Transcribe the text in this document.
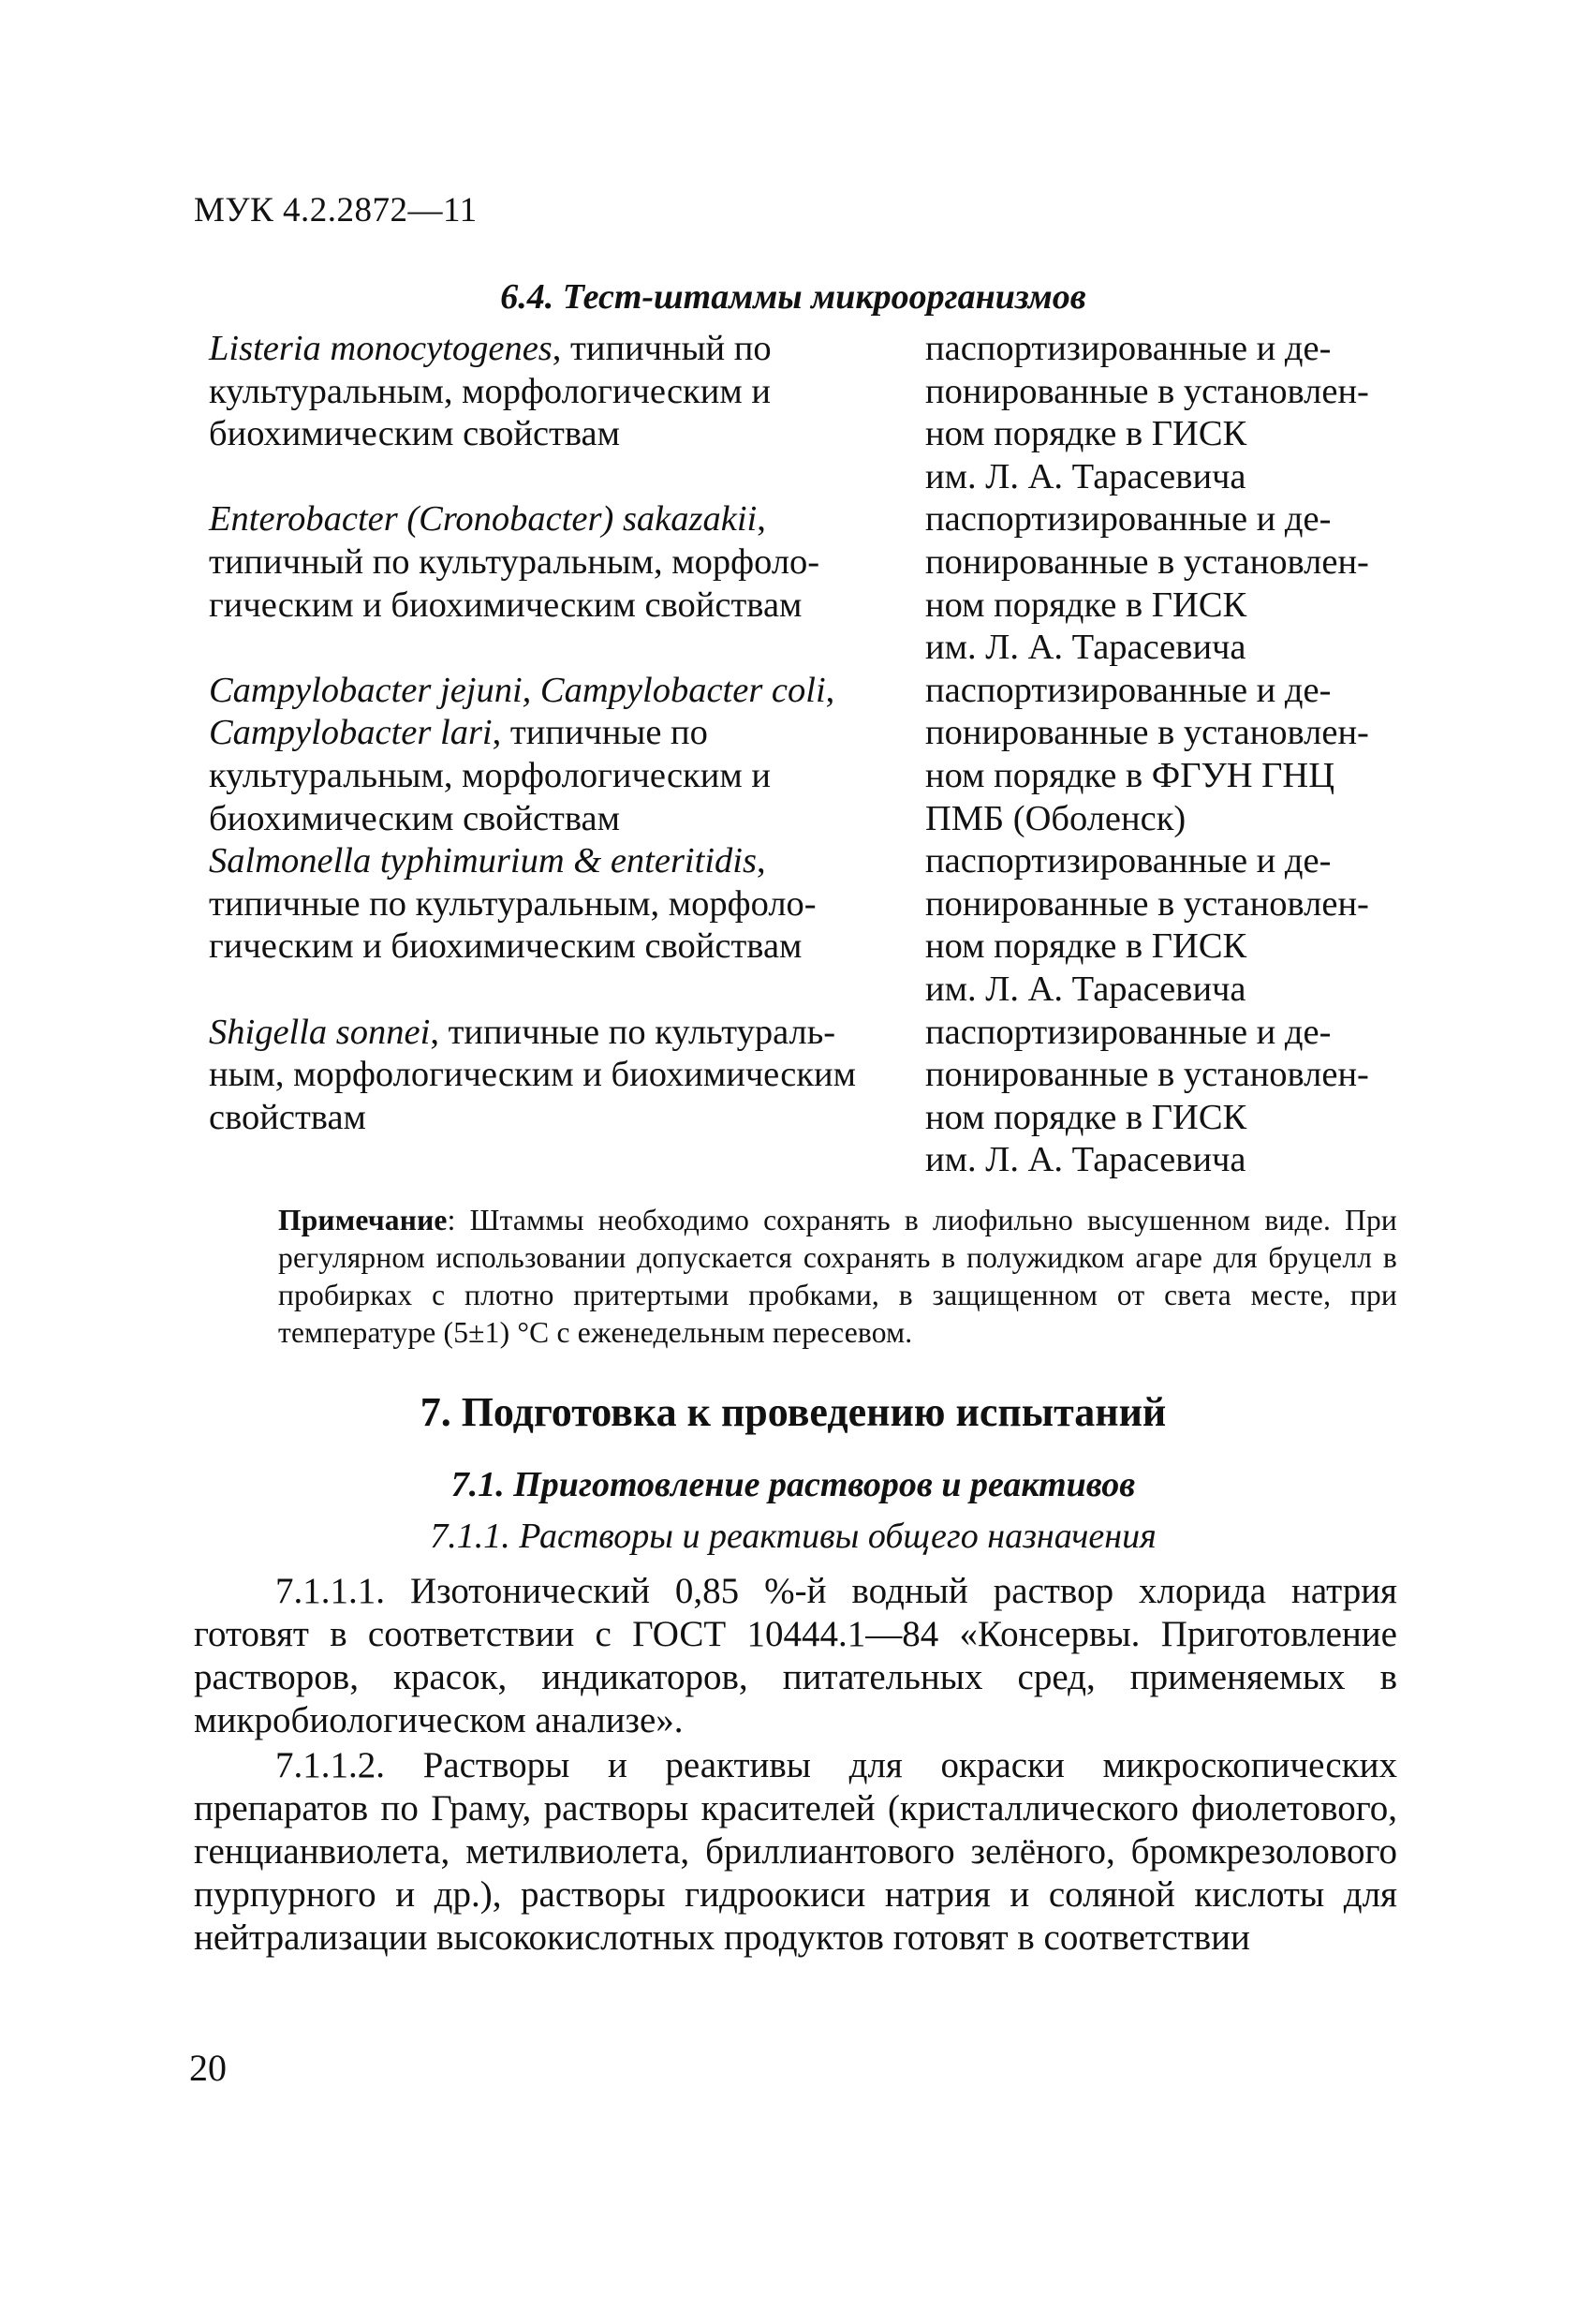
МУК 4.2.2872—11
6.4. Тест-штаммы микроорганизмов
Listeria monocytogenes, типичный по
культуральным, морфологическим и
биохимическим свойствам
паспортизированные и де-
понированные в установлен-
ном порядке в ГИСК
им. Л. А. Тарасевича
Enterobacter (Cronobacter) sakazakii,
типичный по культуральным, морфоло-
гическим и биохимическим свойствам
паспортизированные и де-
понированные в установлен-
ном порядке в ГИСК
им. Л. А. Тарасевича
Campylobacter jejuni, Campylobacter coli,
Campylobacter lari, типичные по
культуральным, морфологическим и
биохимическим свойствам
паспортизированные и де-
понированные в установлен-
ном порядке в ФГУН ГНЦ
ПМБ (Оболенск)
Salmonella typhimurium & enteritidis,
типичные по культуральным, морфоло-
гическим и биохимическим свойствам
паспортизированные и де-
понированные в установлен-
ном порядке в ГИСК
им. Л. А. Тарасевича
Shigella sonnei, типичные по культураль-
ным, морфологическим и биохимическим
свойствам
паспортизированные и де-
понированные в установлен-
ном порядке в ГИСК
им. Л. А. Тарасевича
Примечание: Штаммы необходимо сохранять в лиофильно высушенном виде. При регулярном использовании допускается сохранять в полужидком агаре для бруцелл в пробирках с плотно притертыми пробками, в защищенном от света месте, при температуре (5±1) °С с еженедельным пересевом.
7. Подготовка к проведению испытаний
7.1. Приготовление растворов и реактивов
7.1.1. Растворы и реактивы общего назначения
7.1.1.1. Изотонический 0,85 %-й водный раствор хлорида натрия готовят в соответствии с ГОСТ 10444.1—84 «Консервы. Приготовление растворов, красок, индикаторов, питательных сред, применяемых в микробиологическом анализе».
7.1.1.2. Растворы и реактивы для окраски микроскопических препаратов по Граму, растворы красителей (кристаллического фиолетового, генцианвиолета, метилвиолета, бриллиантового зелёного, бромкрезолового пурпурного и др.), растворы гидроокиси натрия и соляной кислоты для нейтрализации высококислотных продуктов готовят в соответствии
20
